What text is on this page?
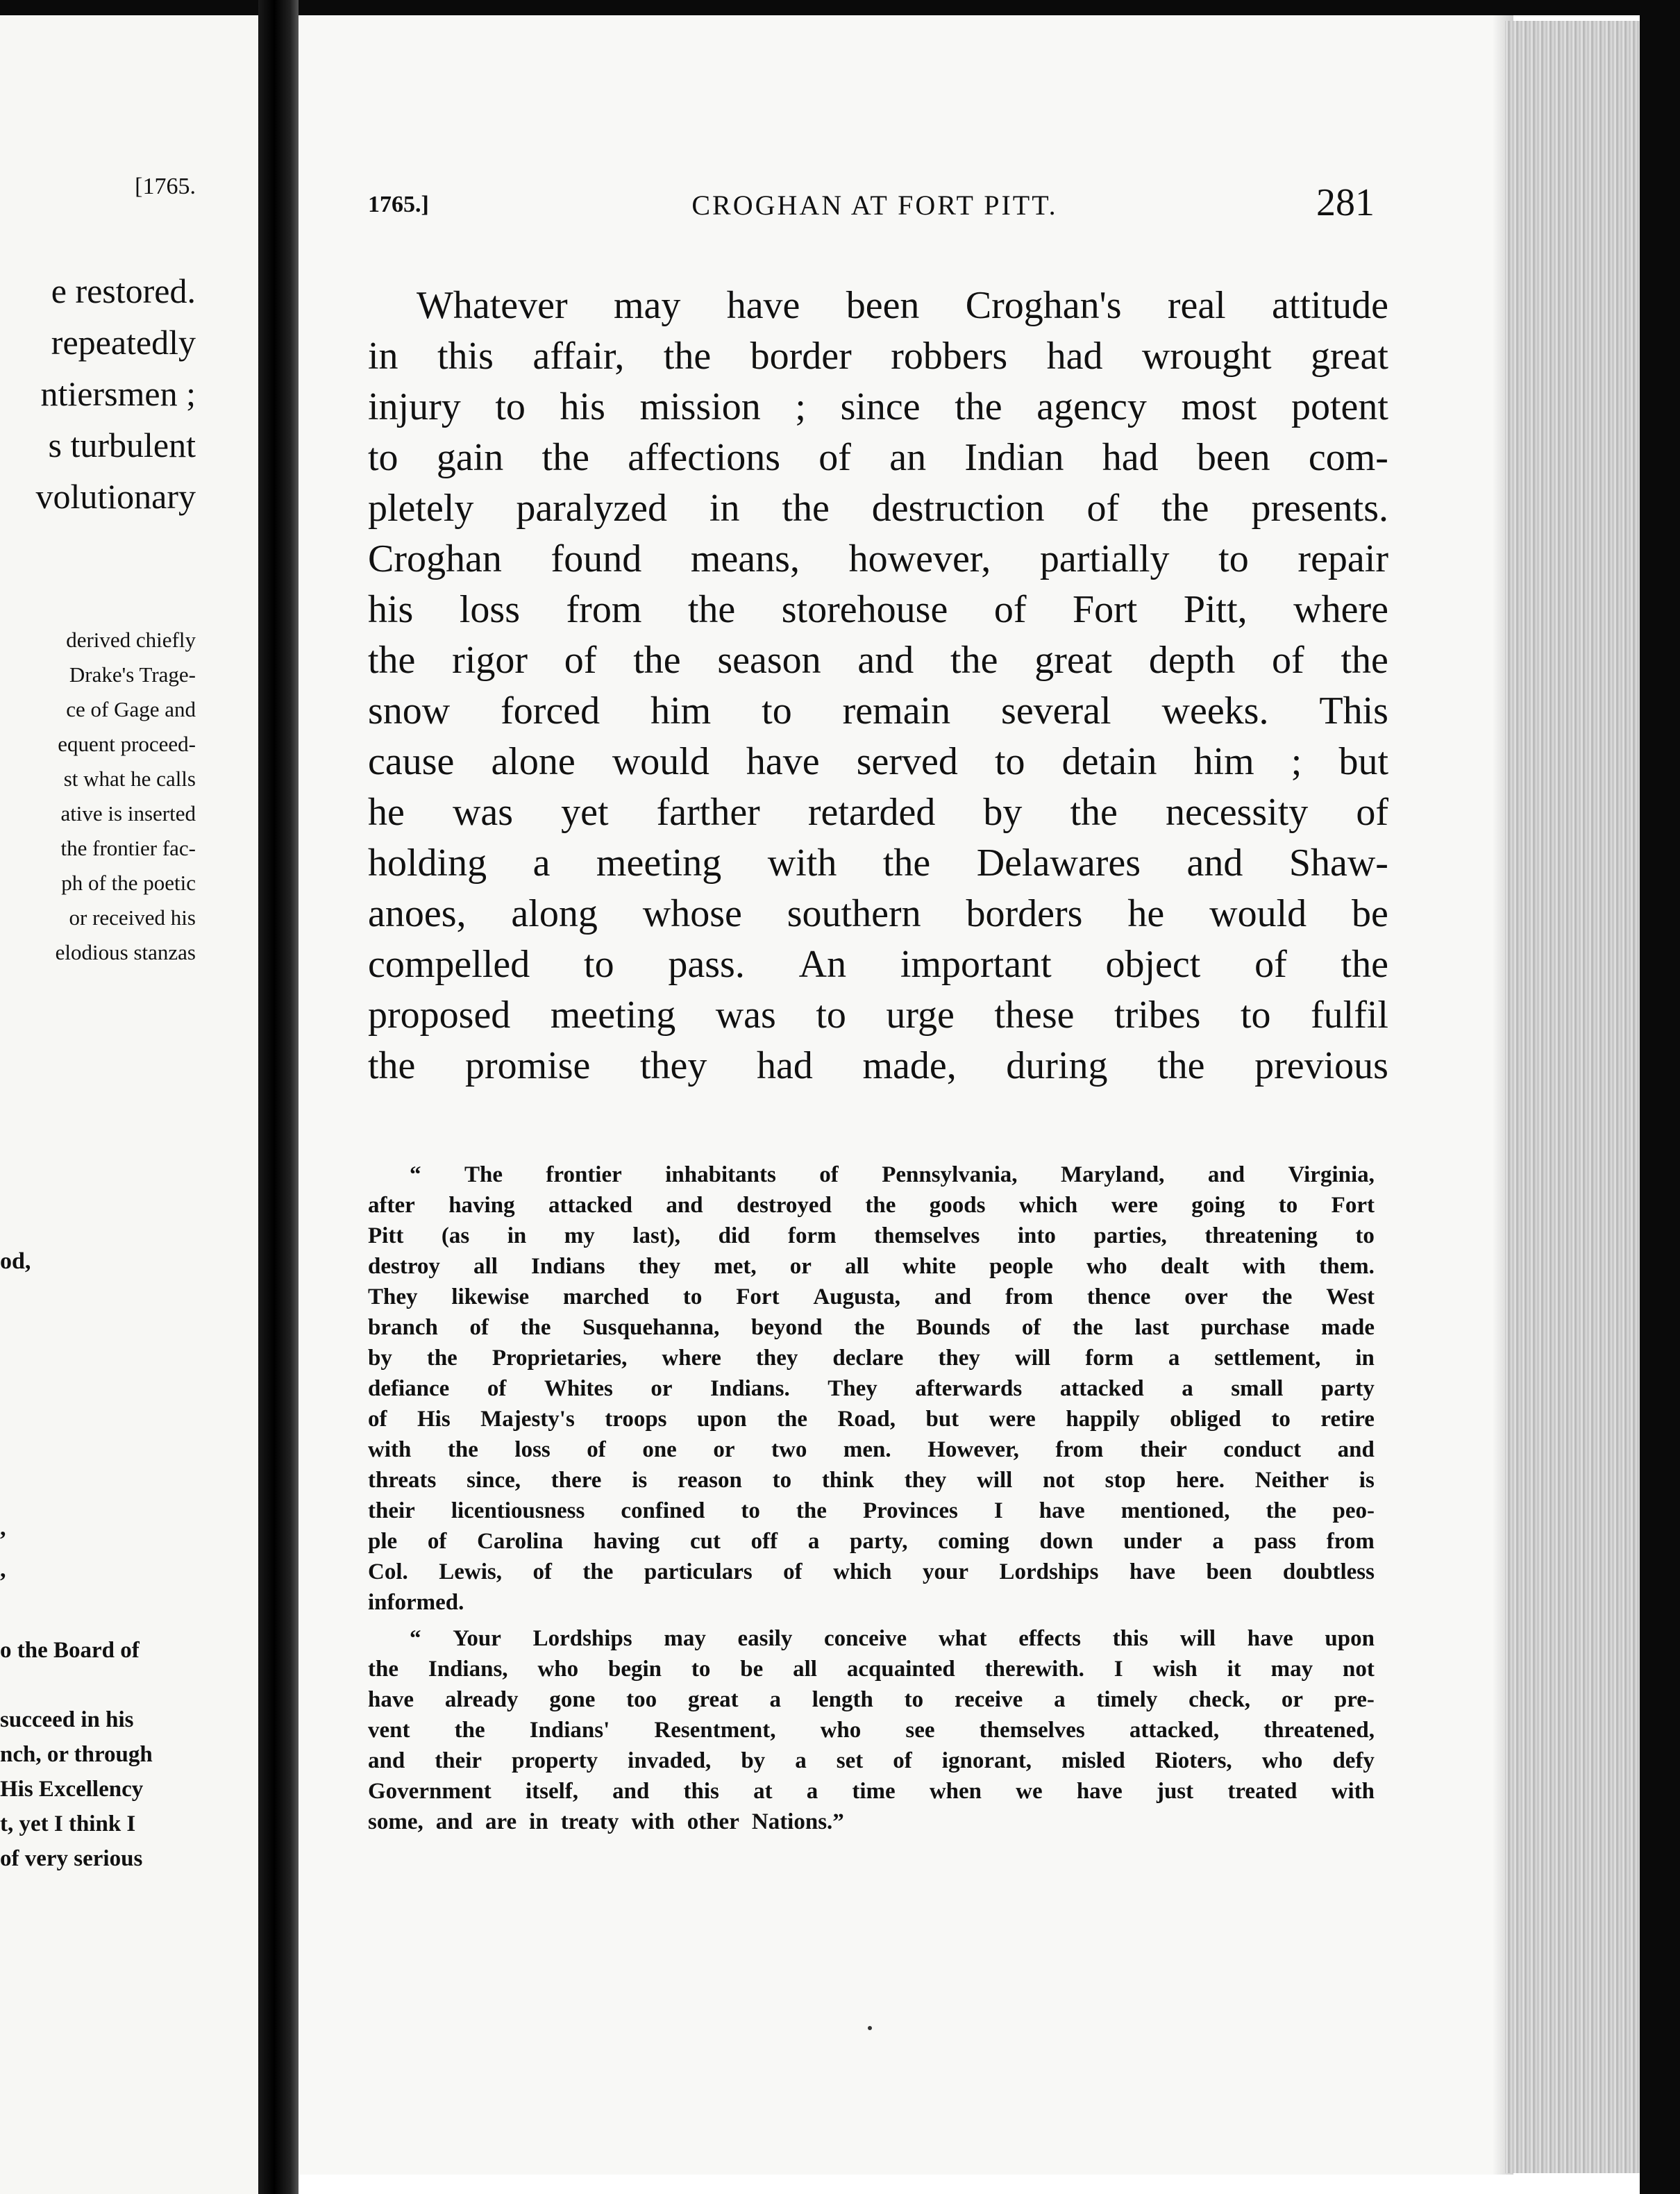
[1765.
e restored.
repeatedly
ntiersmen ;
s turbulent
volutionary
derived chiefly
Drake's Trage-
ce of Gage and
equent proceed-
st what he calls
ative is inserted
the frontier fac-
ph of the poetic
or received his
elodious stanzas
od,
,
,
o the Board of
succeed in his
nch, or through
His Excellency
t, yet I think I
of very serious
1765.]	CROGHAN AT FORT PITT.	281
Whatever may have been Croghan's real attitude
in this affair, the border robbers had wrought great
injury to his mission ; since the agency most potent
to gain the affections of an Indian had been com-
pletely paralyzed in the destruction of the presents.
Croghan found means, however, partially to repair
his loss from the storehouse of Fort Pitt, where
the rigor of the season and the great depth of the
snow forced him to remain several weeks. This
cause alone would have served to detain him ; but
he was yet farther retarded by the necessity of
holding a meeting with the Delawares and Shaw-
anoes, along whose southern borders he would be
compelled to pass. An important object of the
proposed meeting was to urge these tribes to fulfil
the promise they had made, during the previous
“ The frontier inhabitants of Pennsylvania, Maryland, and Virginia,
after having attacked and destroyed the goods which were going to Fort
Pitt (as in my last), did form themselves into parties, threatening to
destroy all Indians they met, or all white people who dealt with them.
They likewise marched to Fort Augusta, and from thence over the West
branch of the Susquehanna, beyond the Bounds of the last purchase made
by the Proprietaries, where they declare they will form a settlement, in
defiance of Whites or Indians. They afterwards attacked a small party
of His Majesty's troops upon the Road, but were happily obliged to retire
with the loss of one or two men. However, from their conduct and
threats since, there is reason to think they will not stop here. Neither is
their licentiousness confined to the Provinces I have mentioned, the peo-
ple of Carolina having cut off a party, coming down under a pass from
Col. Lewis, of the particulars of which your Lordships have been doubtless
informed.
“ Your Lordships may easily conceive what effects this will have upon
the Indians, who begin to be all acquainted therewith. I wish it may not
have already gone too great a length to receive a timely check, or pre-
vent the Indians' Resentment, who see themselves attacked, threatened,
and their property invaded, by a set of ignorant, misled Rioters, who defy
Government itself, and this at a time when we have just treated with
some, and are in treaty with other Nations.”
